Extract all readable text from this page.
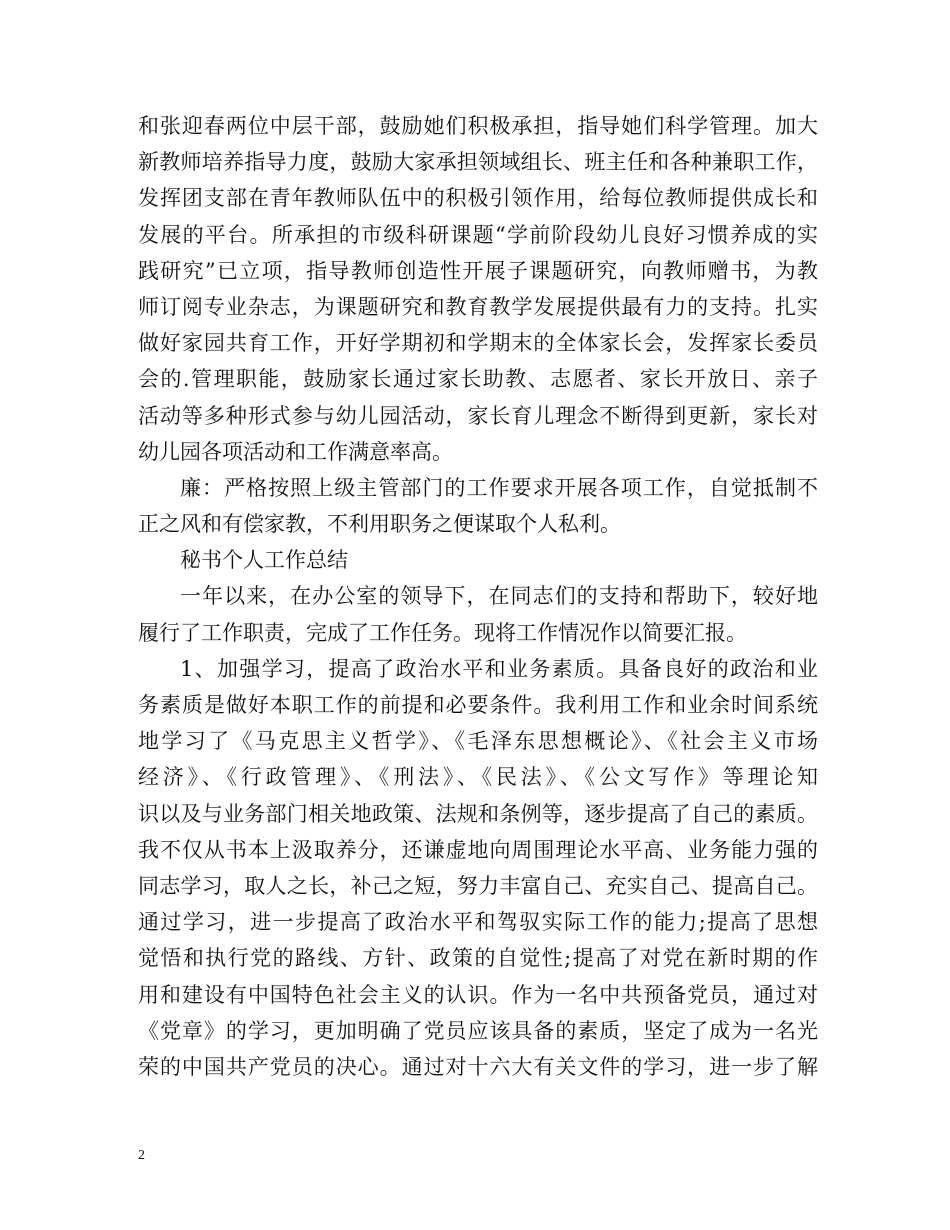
和张迎春两位中层干部，鼓励她们积极承担，指导她们科学管理。加大
新教师培养指导力度，鼓励大家承担领域组长、班主任和各种兼职工作，
发挥团支部在青年教师队伍中的积极引领作用，给每位教师提供成长和
发展的平台。所承担的市级科研课题“学前阶段幼儿良好习惯养成的实
践研究”已立项，指导教师创造性开展子课题研究，向教师赠书，为教
师订阅专业杂志，为课题研究和教育教学发展提供最有力的支持。扎实
做好家园共育工作，开好学期初和学期末的全体家长会，发挥家长委员
会的.管理职能，鼓励家长通过家长助教、志愿者、家长开放日、亲子
活动等多种形式参与幼儿园活动，家长育儿理念不断得到更新，家长对
幼儿园各项活动和工作满意率高。
廉：严格按照上级主管部门的工作要求开展各项工作，自觉抵制不
正之风和有偿家教，不利用职务之便谋取个人私利。
秘书个人工作总结
一年以来，在办公室的领导下，在同志们的支持和帮助下，较好地
履行了工作职责，完成了工作任务。现将工作情况作以简要汇报。
1、加强学习，提高了政治水平和业务素质。具备良好的政治和业
务素质是做好本职工作的前提和必要条件。我利用工作和业余时间系统
地学习了《马克思主义哲学》、《毛泽东思想概论》、《社会主义市场
经济》、《行政管理》、《刑法》、《民法》、《公文写作》等理论知
识以及与业务部门相关地政策、法规和条例等，逐步提高了自己的素质。
我不仅从书本上汲取养分，还谦虚地向周围理论水平高、业务能力强的
同志学习，取人之长，补己之短，努力丰富自己、充实自己、提高自己。
通过学习，进一步提高了政治水平和驾驭实际工作的能力;提高了思想
觉悟和执行党的路线、方针、政策的自觉性;提高了对党在新时期的作
用和建设有中国特色社会主义的认识。作为一名中共预备党员，通过对
《党章》的学习，更加明确了党员应该具备的素质，坚定了成为一名光
荣的中国共产党员的决心。通过对十六大有关文件的学习，进一步了解
2
